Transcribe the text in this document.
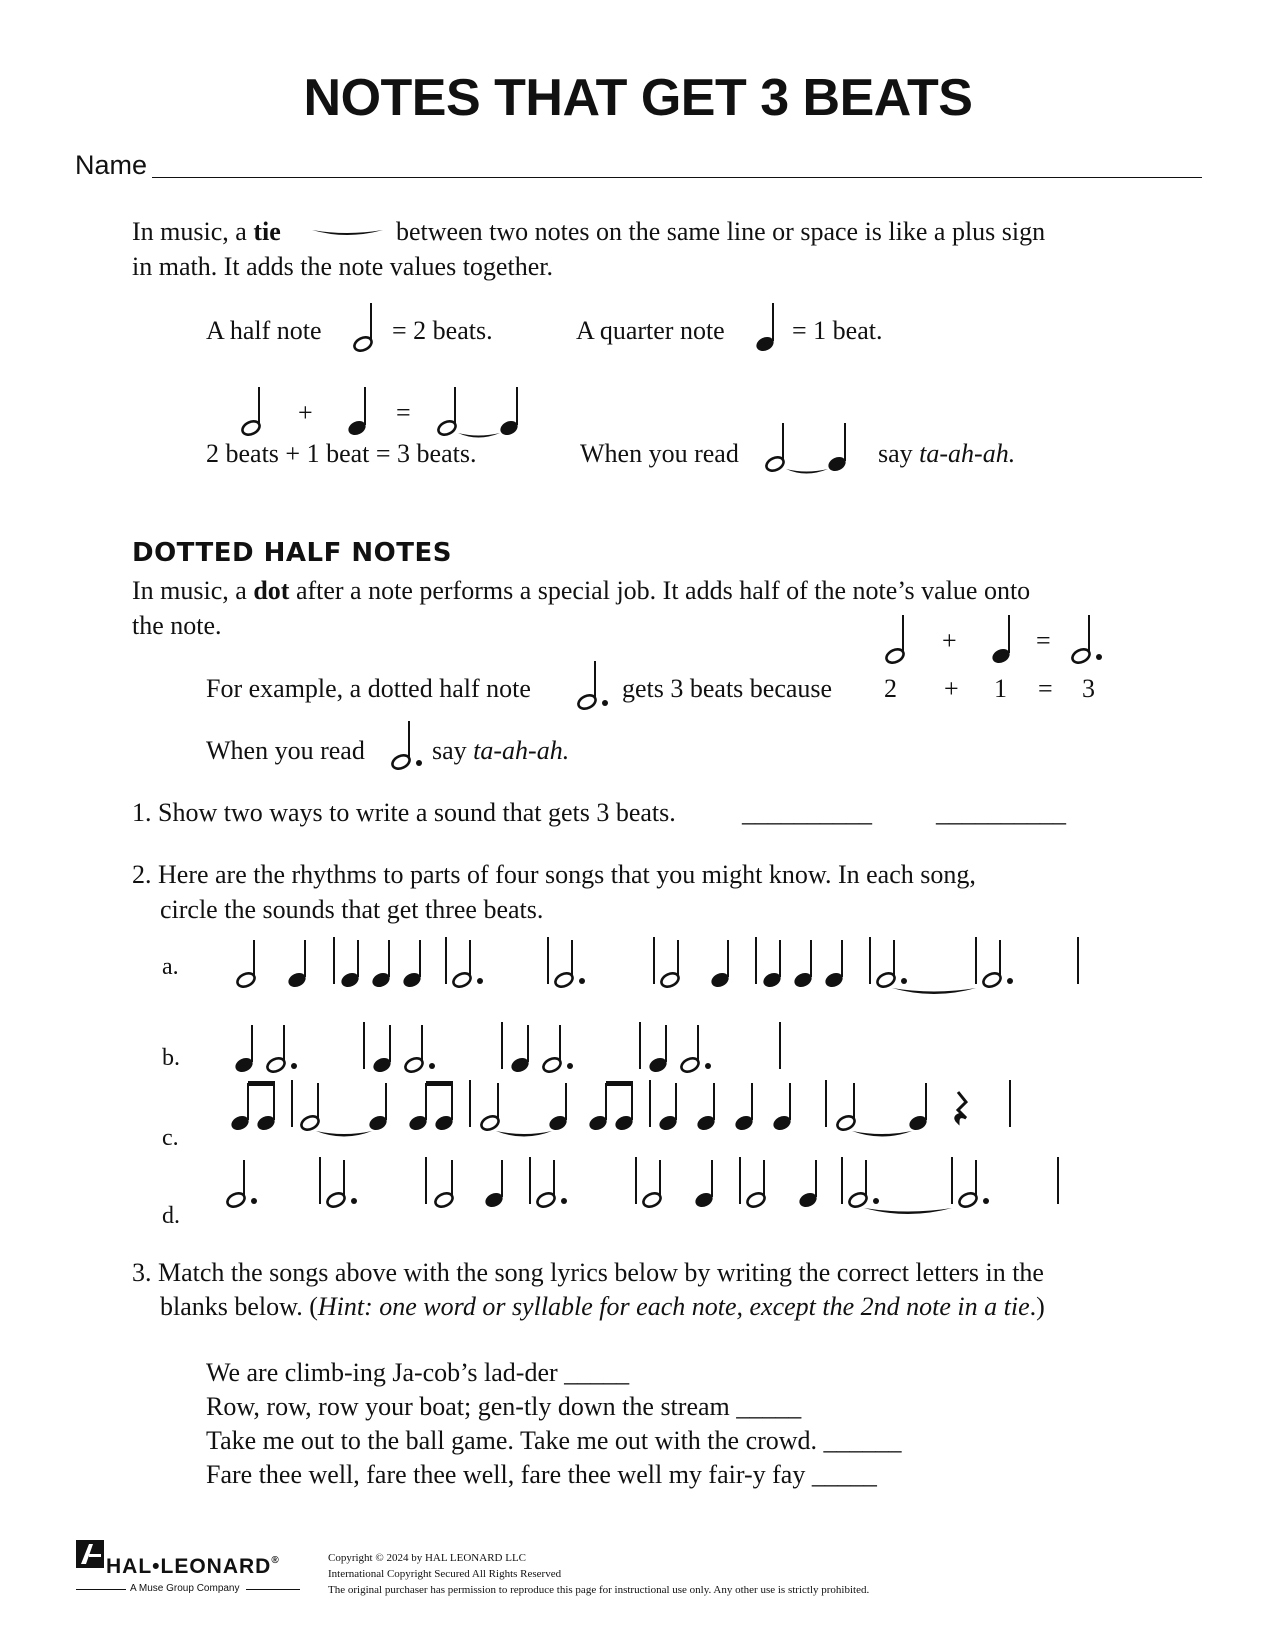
NOTES THAT GET 3 BEATS
Name
In music, a tie	between two notes on the same line or space is like a plus sign
in math. It adds the note values together.
A half note	= 2 beats.	A quarter note	= 1 beat.
+	=
2 beats + 1 beat = 3 beats.	When you read	say ta-ah-ah.
DOTTED HALF NOTES
In music, a dot after a note performs a special job. It adds half of the note’s value onto
the note.
+	=
For example, a dotted half note	gets 3 beats because 2 + 1 = 3
When you read	say ta-ah-ah.
1. Show two ways to write a sound that gets 3 beats.	__________ __________
2. Here are the rhythms to parts of four songs that you might know. In each song,
circle the sounds that get three beats.
a.
b.
c.
d.
3. Match the songs above with the song lyrics below by writing the correct letters in the
blanks below. (Hint: one word or syllable for each note, except the 2nd note in a tie.)
We are climb-ing Ja-cob’s lad-der _____
Row, row, row your boat; gen-tly down the stream _____
Take me out to the ball game. Take me out with the crowd. ______
Fare thee well, fare thee well, fare thee well my fair-y fay _____
HAL•LEONARD®
A Muse Group Company
Copyright © 2024 by HAL LEONARD LLC
International Copyright Secured All Rights Reserved
The original purchaser has permission to reproduce this page for instructional use only. Any other use is strictly prohibited.
